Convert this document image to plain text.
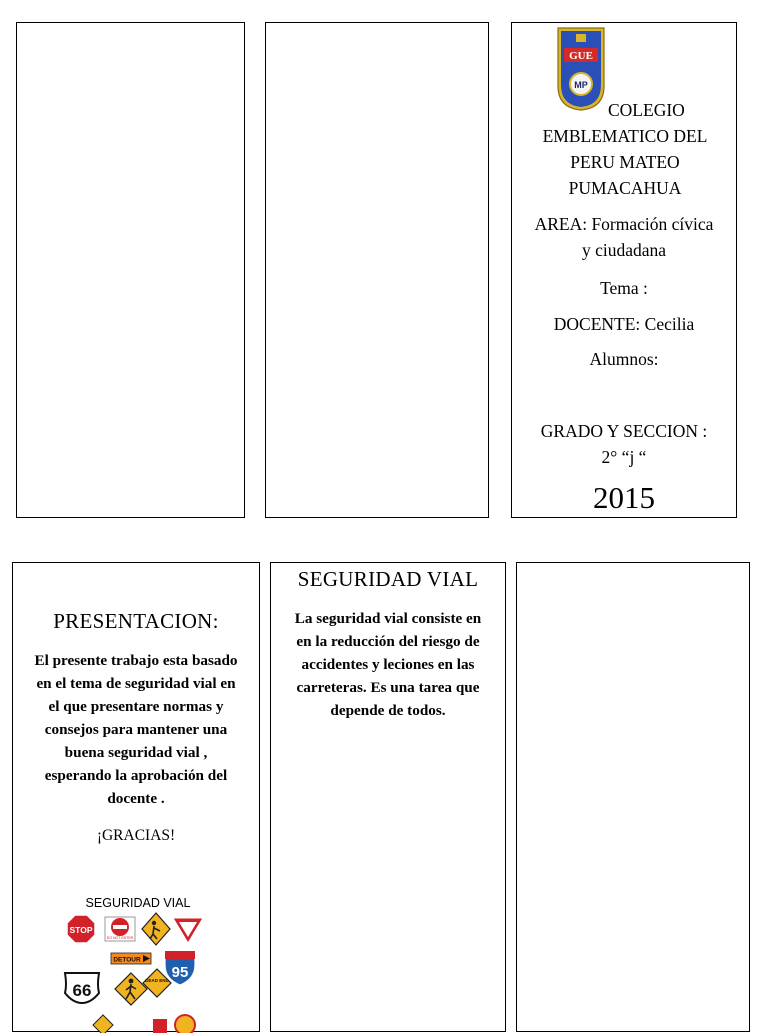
GUE
MP
COLEGIO
EMBLEMATICO DEL
PERU MATEO
PUMACAHUA
AREA: Formación cívica
y ciudadana
Tema :
DOCENTE: Cecilia
Alumnos:
GRADO Y SECCION :
2° “j “
2015
PRESENTACION:
El presente trabajo esta basado
en el tema de seguridad vial en
el que presentare normas y
consejos para mantener una
buena seguridad vial ,
esperando la aprobación del
docente .
¡GRACIAS!
SEGURIDAD VIAL
STOP
DO NOT ENTER
DETOUR
95
66
DEAD END
SEGURIDAD VIAL
La seguridad vial consiste en
en la reducción del riesgo de
accidentes y leciones en las
carreteras. Es una tarea que
depende de todos.
